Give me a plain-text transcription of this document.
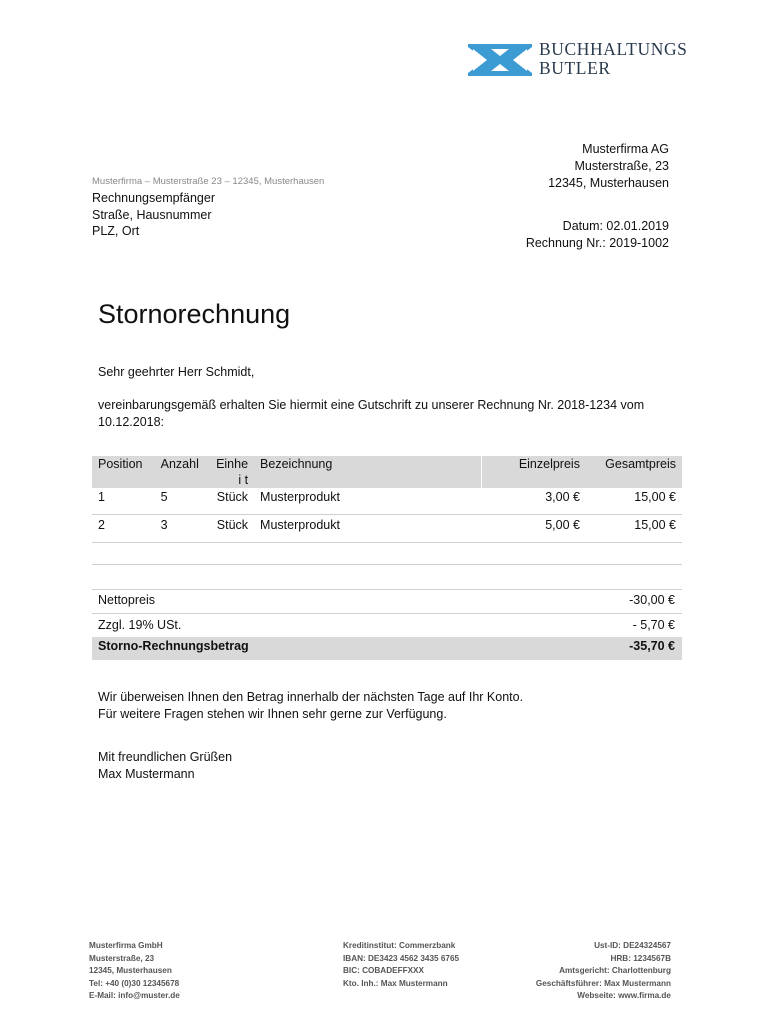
BUCHHALTUNGS
BUTLER
Musterfirma AG
Musterstraße, 23
12345, Musterhausen
Musterfirma – Musterstraße 23 – 12345, Musterhausen
Rechnungsempfänger
Straße, Hausnummer
PLZ, Ort	Datum: 02.01.2019
Rechnung Nr.: 2019-1002
Stornorechnung
Sehr geehrter Herr Schmidt,
vereinbarungsgemäß erhalten Sie hiermit eine Gutschrift zu unserer Rechnung Nr. 2018-1234 vom 10.12.2018:
Position	Anzahl	Einhei t	Bezeichnung	Einzelpreis	Gesamtpreis
1	5	Stück	Musterprodukt	3,00 €	15,00 €
2	3	Stück	Musterprodukt	5,00 €	15,00 €
Nettopreis	-30,00 €
Zzgl. 19% USt.	- 5,70 €
Storno-Rechnungsbetrag	-35,70 €
Wir überweisen Ihnen den Betrag innerhalb der nächsten Tage auf Ihr Konto.
Für weitere Fragen stehen wir Ihnen sehr gerne zur Verfügung.
Mit freundlichen Grüßen
Max Mustermann
Musterfirma GmbH
Musterstraße, 23
12345, Musterhausen
Tel: +40 (0)30 12345678
E-Mail: info@muster.de
Kreditinstitut: Commerzbank
IBAN: DE3423 4562 3435 6765
BIC: COBADEFFXXX
Kto. Inh.: Max Mustermann
Ust-ID: DE24324567
HRB: 1234567B
Amtsgericht: Charlottenburg
Geschäftsführer: Max Mustermann
Webseite: www.firma.de
